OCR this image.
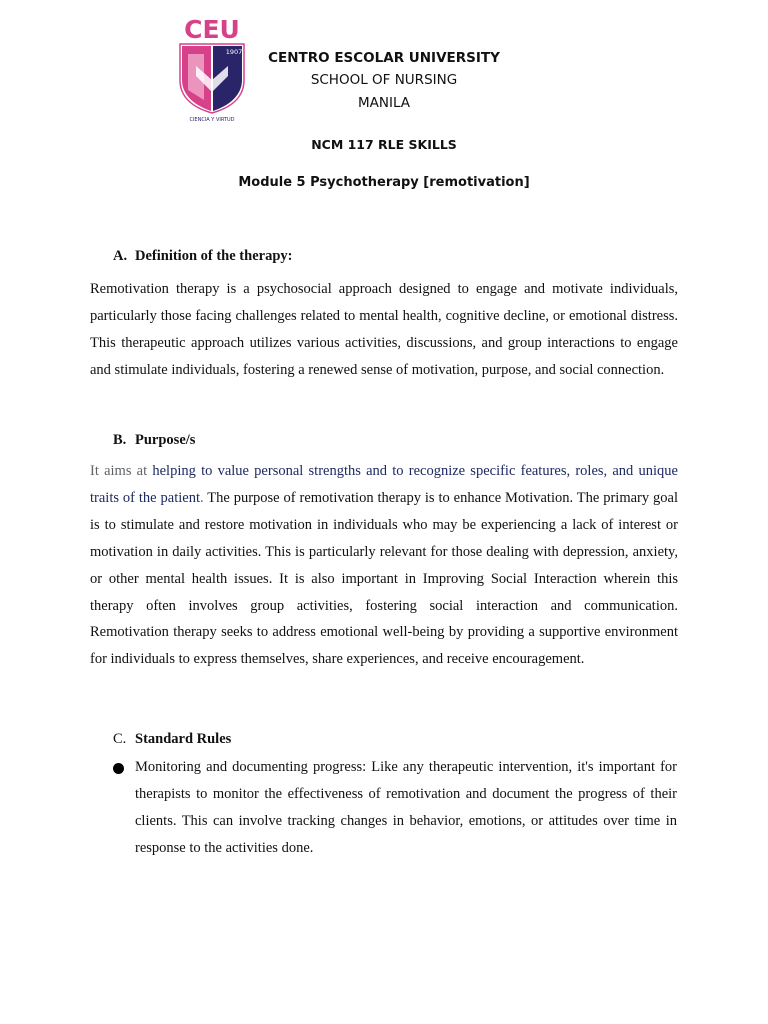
CEU
1907
CIENCIA Y VIRTUD
CENTRO ESCOLAR UNIVERSITY
SCHOOL OF NURSING
MANILA
NCM 117 RLE SKILLS
Module 5 Psychotherapy [remotivation]
A. Definition of the therapy:

Remotivation therapy is a psychosocial approach designed to engage and motivate individuals, particularly those facing challenges related to mental health, cognitive decline, or emotional distress. This therapeutic approach utilizes various activities, discussions, and group interactions to engage and stimulate individuals, fostering a renewed sense of motivation, purpose, and social connection.

B. Purpose/s

It aims at helping to value personal strengths and to recognize specific features, roles, and unique traits of the patient. The purpose of remotivation therapy is to enhance Motivation. The primary goal is to stimulate and restore motivation in individuals who may be experiencing a lack of interest or motivation in daily activities. This is particularly relevant for those dealing with depression, anxiety, or other mental health issues. It is also important in Improving Social Interaction wherein this therapy often involves group activities, fostering social interaction and communication. Remotivation therapy seeks to address emotional well-being by providing a supportive environment for individuals to express themselves, share experiences, and receive encouragement.

C. Standard Rules

Monitoring and documenting progress: Like any therapeutic intervention, it's important for therapists to monitor the effectiveness of remotivation and document the progress of their clients. This can involve tracking changes in behavior, emotions, or attitudes over time in response to the activities done.
